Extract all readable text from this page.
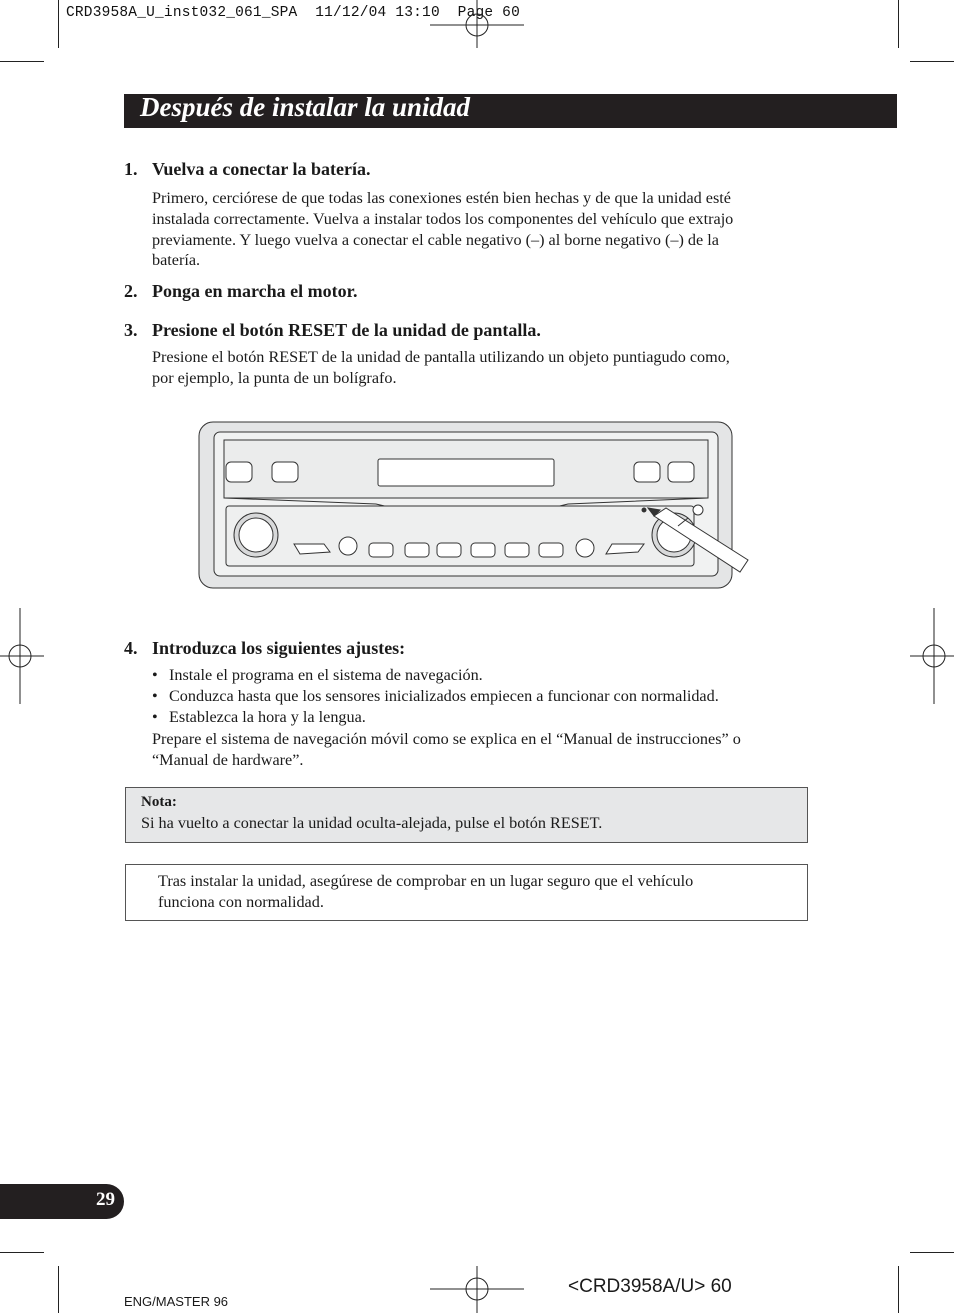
CRD3958A_U_inst032_061_SPA  11/12/04 13:10  Page 60
Después de instalar la unidad
1. Vuelva a conectar la batería.
Primero, cerciórese de que todas las conexiones estén bien hechas y de que la unidad esté
instalada correctamente. Vuelva a instalar todos los componentes del vehículo que extrajo
previamente. Y luego vuelva a conectar el cable negativo (–) al borne negativo (–) de la
batería.
2. Ponga en marcha el motor.
3. Presione el botón RESET de la unidad de pantalla.
Presione el botón RESET de la unidad de pantalla utilizando un objeto puntiagudo como,
por ejemplo, la punta de un bolígrafo.
4. Introduzca los siguientes ajustes:
• Instale el programa en el sistema de navegación.
• Conduzca hasta que los sensores inicializados empiecen a funcionar con normalidad.
• Establezca la hora y la lengua.
Prepare el sistema de navegación móvil como se explica en el “Manual de instrucciones” o
“Manual de hardware”.
Nota:
Si ha vuelto a conectar la unidad oculta-alejada, pulse el botón RESET.
Tras instalar la unidad, asegúrese de comprobar en un lugar seguro que el vehículo
funciona con normalidad.
29
ENG/MASTER 96
<CRD3958A/U> 60
